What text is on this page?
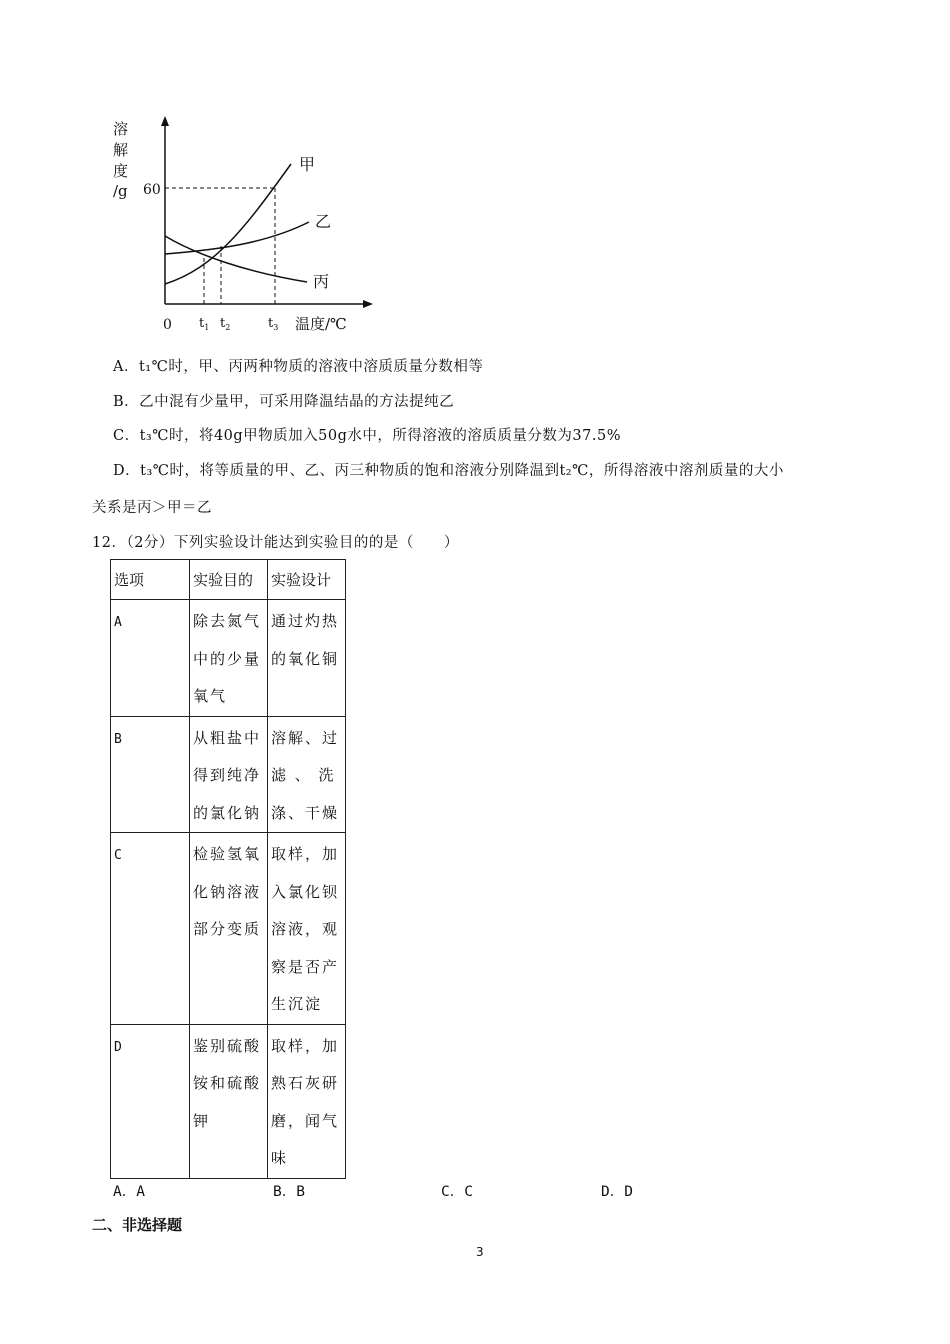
溶
解
度
/g 60
甲
乙
丙
0 $t_1$ $t_2$	$t_3$ 温度/℃
A．t₁℃时，甲、丙两种物质的溶液中溶质质量分数相等
B．乙中混有少量甲，可采用降温结晶的方法提纯乙
C．t₃℃时，将40g甲物质加入50g水中，所得溶液的溶质质量分数为37.5%
D．t₃℃时，将等质量的甲、乙、丙三种物质的饱和溶液分别降温到t₂℃，所得溶液中溶剂质量的大小
关系是丙＞甲＝乙
12．（2分）下列实验设计能达到实验目的的是（　　）
选项	实验目的	实验设计
A	除去氮气中的少量氧气	通过灼热的氧化铜
B	从粗盐中得到纯净的氯化钠	溶解、过滤 、 洗涤、干燥
C	检验氢氧化钠溶液部分变质	取样，加入氯化钡溶液，观察是否产生沉淀
D	鉴别硫酸铵和硫酸钾	取样，加熟石灰研磨，闻气味
A．A	B．B	C．C	D．D
二、非选择题
3
